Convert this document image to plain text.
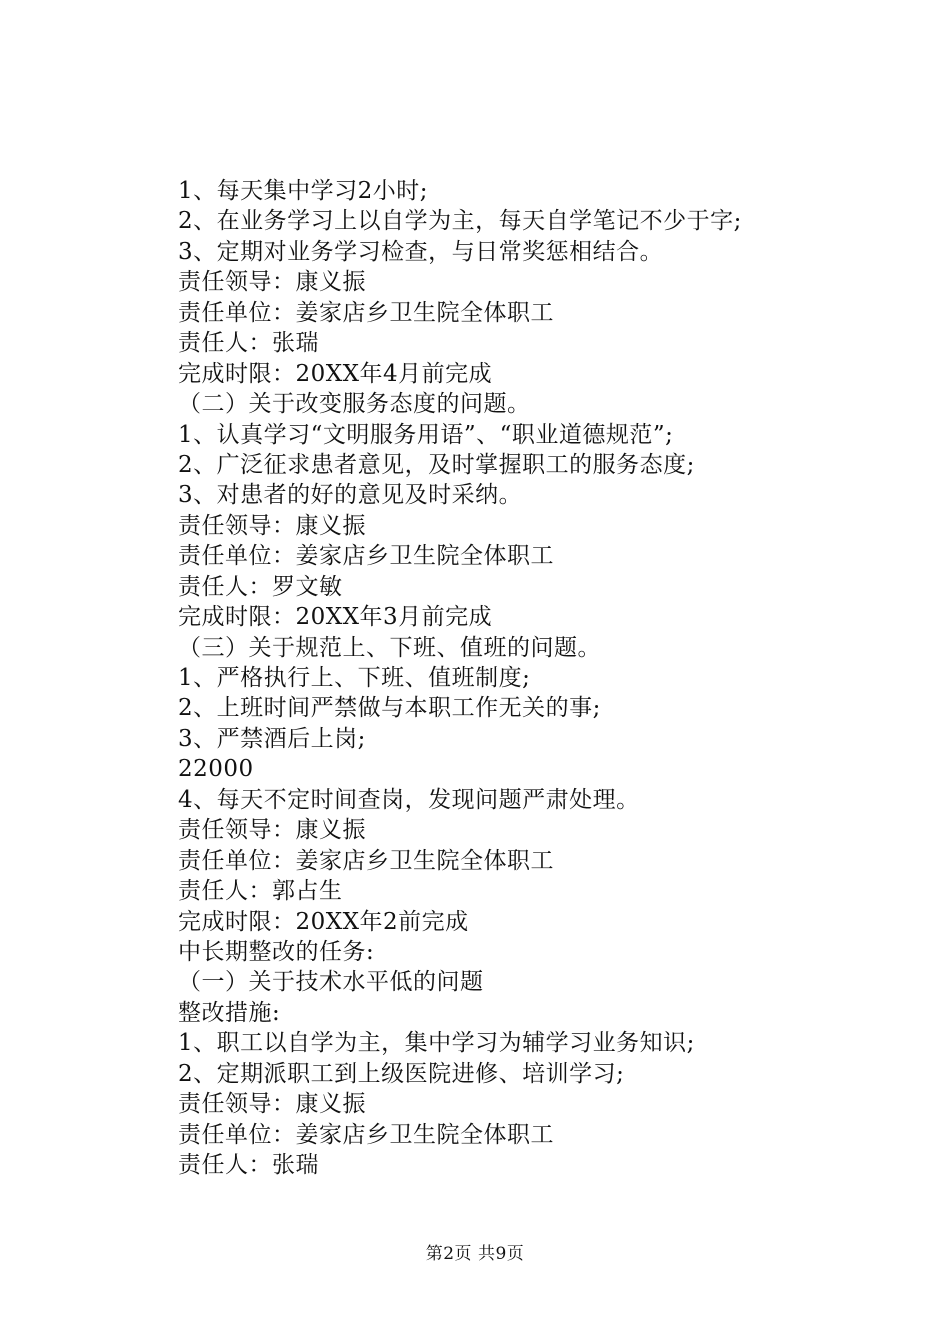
1、每天集中学习2小时;
2、在业务学习上以自学为主，每天自学笔记不少于字;
3、定期对业务学习检查，与日常奖惩相结合。
责任领导：康义振
责任单位：姜家店乡卫生院全体职工
责任人：张瑞
完成时限：20XX年4月前完成
（二）关于改变服务态度的问题。
1、认真学习“文明服务用语”、“职业道德规范”;
2、广泛征求患者意见，及时掌握职工的服务态度;
3、对患者的好的意见及时采纳。
责任领导：康义振
责任单位：姜家店乡卫生院全体职工
责任人：罗文敏
完成时限：20XX年3月前完成
（三）关于规范上、下班、值班的问题。
1、严格执行上、下班、值班制度;
2、上班时间严禁做与本职工作无关的事;
3、严禁酒后上岗;
22000
4、每天不定时间查岗，发现问题严肃处理。
责任领导：康义振
责任单位：姜家店乡卫生院全体职工
责任人：郭占生
完成时限：20XX年2前完成
中长期整改的任务:
（一）关于技术水平低的问题
整改措施:
1、职工以自学为主，集中学习为辅学习业务知识;
2、定期派职工到上级医院进修、培训学习;
责任领导：康义振
责任单位：姜家店乡卫生院全体职工
责任人：张瑞
第2页 共9页
